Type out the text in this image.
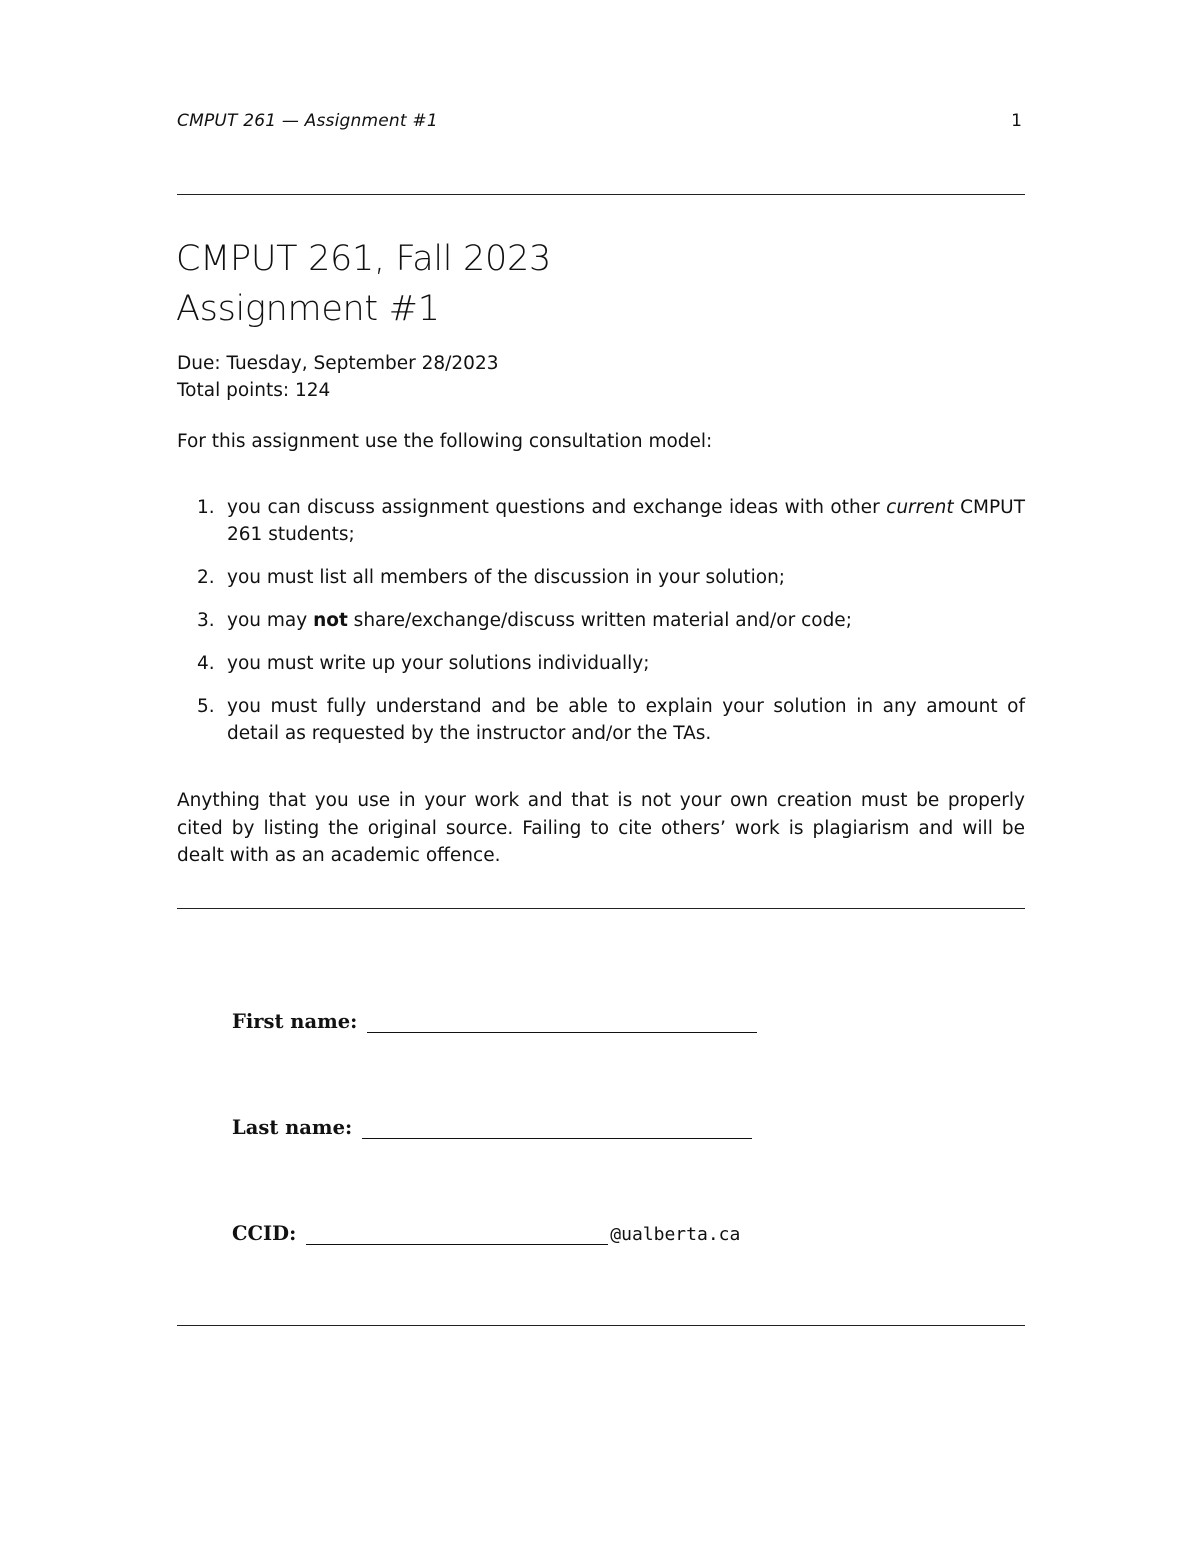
CMPUT 261 — Assignment #1	1
CMPUT 261, Fall 2023
Assignment #1
Due: Tuesday, September 28/2023
Total points: 124
For this assignment use the following consultation model:
1. you can discuss assignment questions and exchange ideas with other current CMPUT 261 students;
2. you must list all members of the discussion in your solution;
3. you may not share/exchange/discuss written material and/or code;
4. you must write up your solutions individually;
5. you must fully understand and be able to explain your solution in any amount of detail as requested by the instructor and/or the TAs.
Anything that you use in your work and that is not your own creation must be properly cited by listing the original source. Failing to cite others’ work is plagiarism and will be dealt with as an academic offence.
First name:
Last name:
CCID:	@ualberta.ca
